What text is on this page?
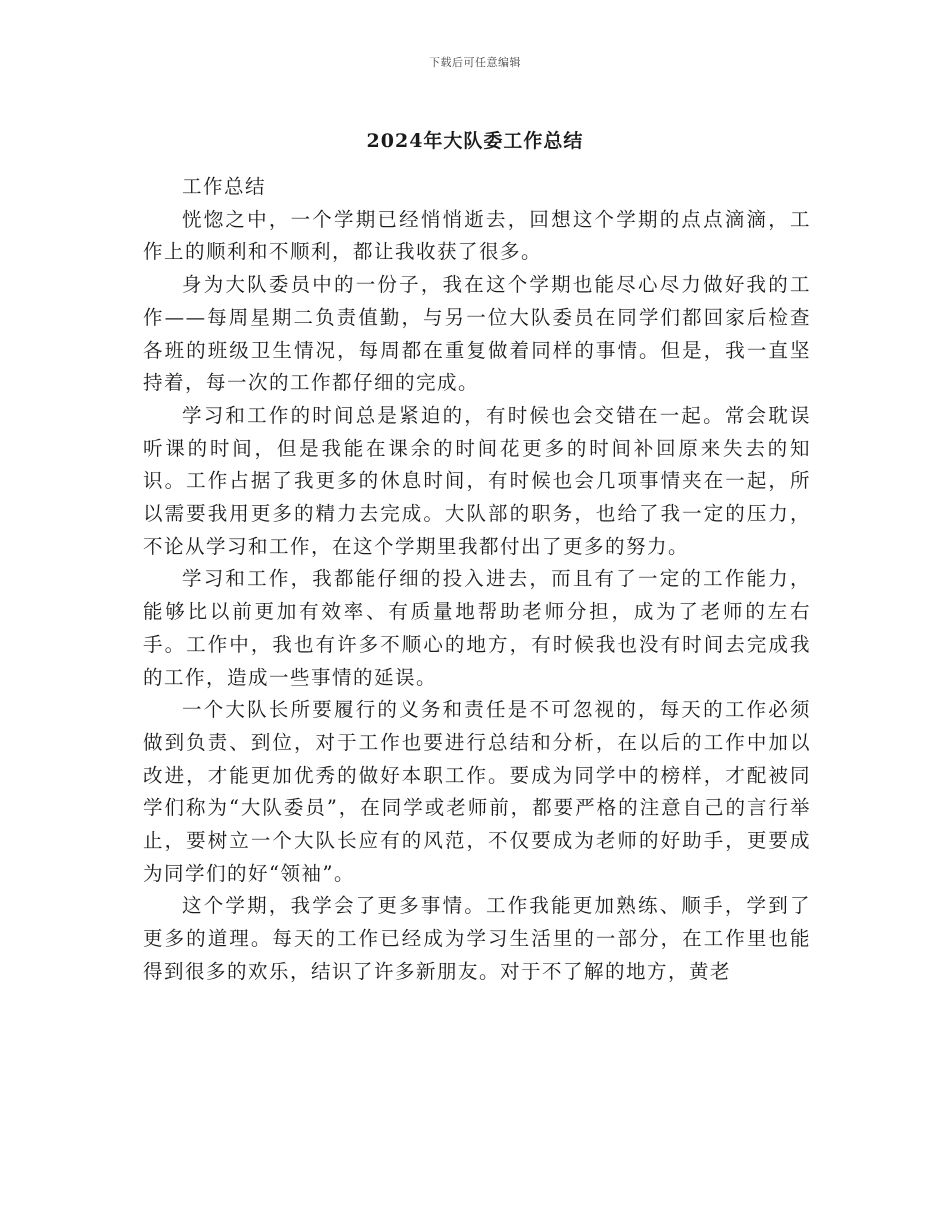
下载后可任意编辑
2024年大队委工作总结

工作总结

恍惚之中，一个学期已经悄悄逝去，回想这个学期的点点滴滴，工作上的顺利和不顺利，都让我收获了很多。

身为大队委员中的一份子，我在这个学期也能尽心尽力做好我的工作——每周星期二负责值勤，与另一位大队委员在同学们都回家后检查各班的班级卫生情况，每周都在重复做着同样的事情。但是，我一直坚持着，每一次的工作都仔细的完成。

学习和工作的时间总是紧迫的，有时候也会交错在一起。常会耽误听课的时间，但是我能在课余的时间花更多的时间补回原来失去的知识。工作占据了我更多的休息时间，有时候也会几项事情夹在一起，所以需要我用更多的精力去完成。大队部的职务，也给了我一定的压力，不论从学习和工作，在这个学期里我都付出了更多的努力。

学习和工作，我都能仔细的投入进去，而且有了一定的工作能力，能够比以前更加有效率、有质量地帮助老师分担，成为了老师的左右手。工作中，我也有许多不顺心的地方，有时候我也没有时间去完成我的工作，造成一些事情的延误。

一个大队长所要履行的义务和责任是不可忽视的，每天的工作必须做到负责、到位，对于工作也要进行总结和分析，在以后的工作中加以改进，才能更加优秀的做好本职工作。要成为同学中的榜样，才配被同学们称为“大队委员”，在同学或老师前，都要严格的注意自己的言行举止，要树立一个大队长应有的风范，不仅要成为老师的好助手，更要成为同学们的好“领袖”。

这个学期，我学会了更多事情。工作我能更加熟练、顺手，学到了更多的道理。每天的工作已经成为学习生活里的一部分，在工作里也能得到很多的欢乐，结识了许多新朋友。对于不了解的地方，黄老
